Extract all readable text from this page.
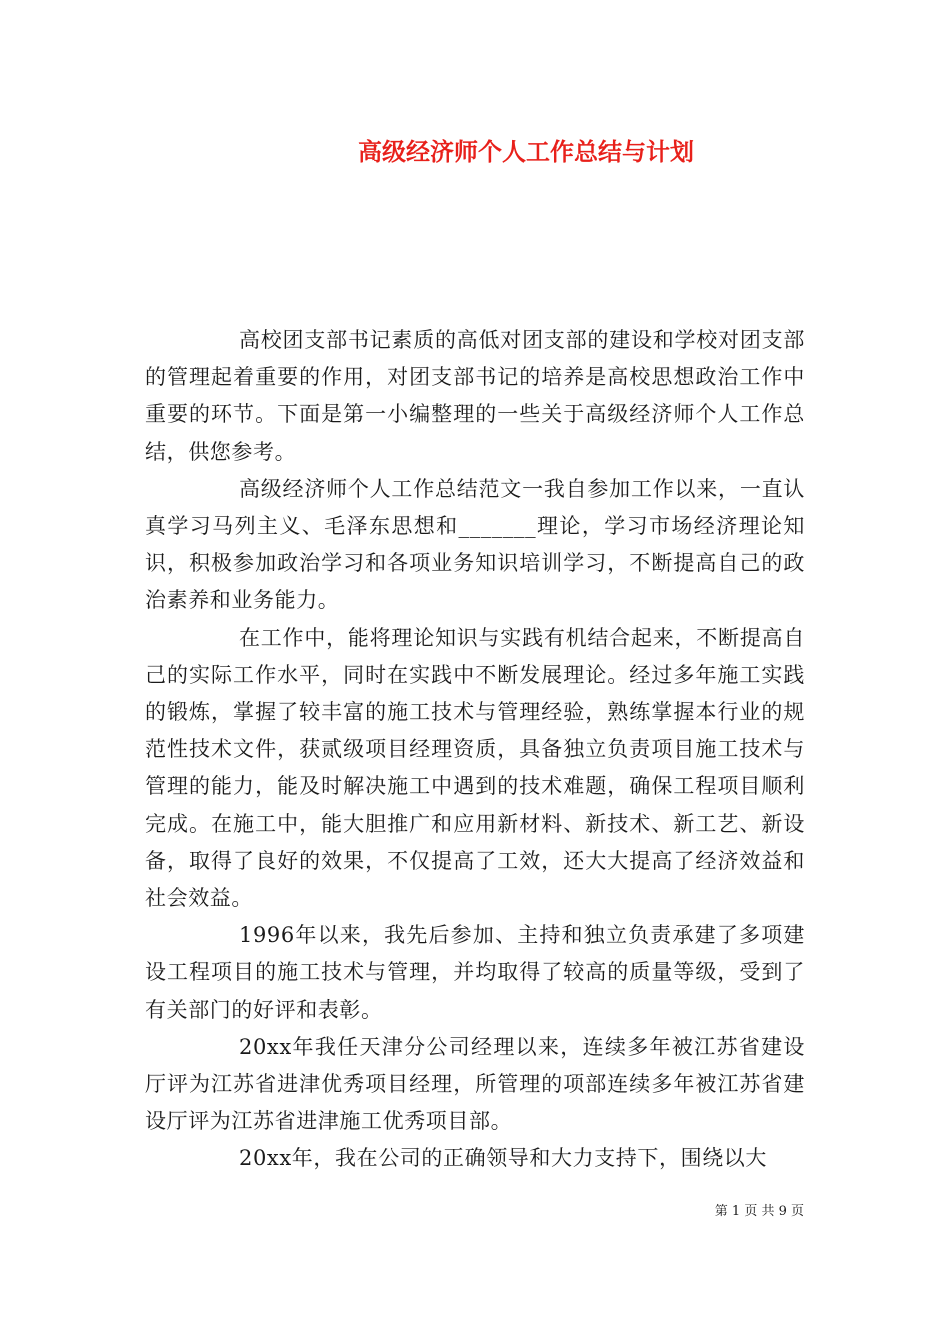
高级经济师个人工作总结与计划

高校团支部书记素质的高低对团支部的建设和学校对团支部的管理起着重要的作用，对团支部书记的培养是高校思想政治工作中重要的环节。下面是第一小编整理的一些关于高级经济师个人工作总结，供您参考。

高级经济师个人工作总结范文一我自参加工作以来，一直认真学习马列主义、毛泽东思想和_______理论，学习市场经济理论知识，积极参加政治学习和各项业务知识培训学习，不断提高自己的政治素养和业务能力。

在工作中，能将理论知识与实践有机结合起来，不断提高自己的实际工作水平，同时在实践中不断发展理论。经过多年施工实践的锻炼，掌握了较丰富的施工技术与管理经验，熟练掌握本行业的规范性技术文件，获贰级项目经理资质，具备独立负责项目施工技术与管理的能力，能及时解决施工中遇到的技术难题，确保工程项目顺利完成。在施工中，能大胆推广和应用新材料、新技术、新工艺、新设备，取得了良好的效果，不仅提高了工效，还大大提高了经济效益和社会效益。

1996年以来，我先后参加、主持和独立负责承建了多项建设工程项目的施工技术与管理，并均取得了较高的质量等级，受到了有关部门的好评和表彰。

20xx年我任天津分公司经理以来，连续多年被江苏省建设厅评为江苏省进津优秀项目经理，所管理的项部连续多年被江苏省建设厅评为江苏省进津施工优秀项目部。

20xx年，我在公司的正确领导和大力支持下，围绕以大

第 1 页 共 9 页
